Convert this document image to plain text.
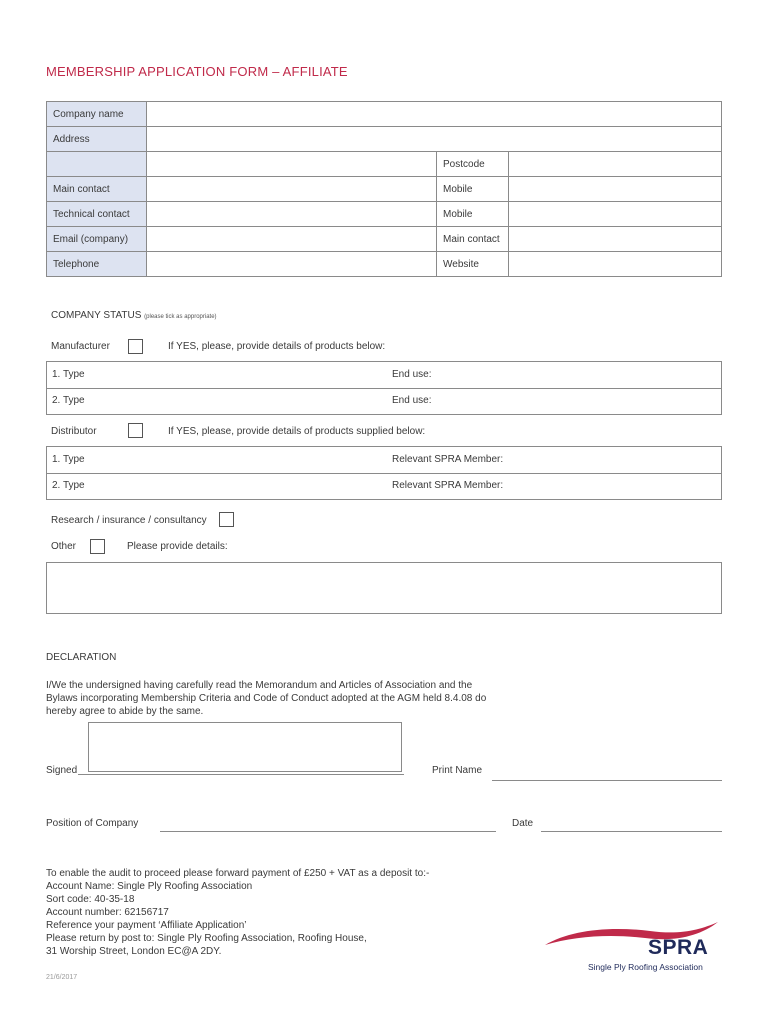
MEMBERSHIP APPLICATION FORM – AFFILIATE
Company name			
Address			
		Postcode	
Main contact		Mobile	
Technical contact		Mobile	
Email (company)		Main contact	
Telephone		Website	
COMPANY STATUS (please tick as appropriate)
Manufacturer	If YES, please, provide details of products below:
1. Type	End use:
2. Type	End use:
Distributor	If YES, please, provide details of products supplied below:
1. Type	Relevant SPRA Member:
2. Type	Relevant SPRA Member:
Research / insurance / consultancy
Other	Please provide details:
DECLARATION
I/We the undersigned having carefully read the Memorandum and Articles of Association and the
Bylaws incorporating Membership Criteria and Code of Conduct adopted at the AGM held 8.4.08 do
hereby agree to abide by the same.
Signed	Print Name
Position of Company	Date
To enable the audit to proceed please forward payment of £250 + VAT as a deposit to:-
Account Name: Single Ply Roofing Association
Sort code: 40-35-18
Account number: 62156717
Reference your payment ‘Affiliate Application’
Please return by post to: Single Ply Roofing Association, Roofing House,
31 Worship Street, London EC@A 2DY.
21/6/2017
SPRA
Single Ply Roofing Association
